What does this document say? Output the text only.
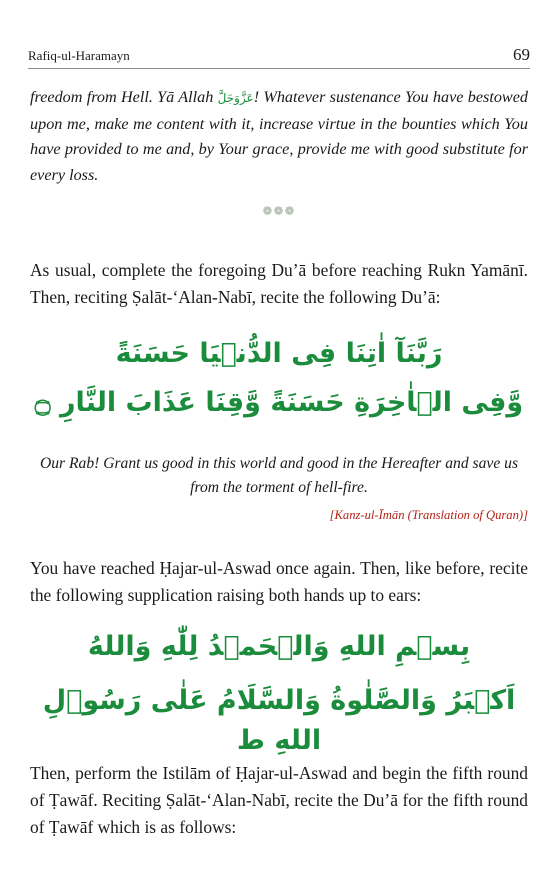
Rafiq-ul-Haramayn	69
freedom from Hell. Yā Allah عَزَّوَجَلَّ! Whatever sustenance You have bestowed upon me, make me content with it, increase virtue in the bounties which You have provided to me and, by Your grace, provide me with good substitute for every loss.
❁❁❁
As usual, complete the foregoing Du’ā before reaching Rukn Yamānī. Then, reciting Ṣalāt-‘Alan-Nabī, recite the following Du’ā:
رَبَّنَآ اٰتِنَا فِی الدُّنۡیَا حَسَنَةً
وَّفِی الۡاٰخِرَةِ حَسَنَةً وَّقِنَا عَذَابَ النَّارِ ۝
Our Rab! Grant us good in this world and good in the Hereafter and save us from the torment of hell-fire.
[Kanz-ul-Īmān (Translation of Quran)]
You have reached Ḥajar-ul-Aswad once again. Then, like before, recite the following supplication raising both hands up to ears:
بِسۡمِ اللهِ وَالۡحَمۡدُ لِلّٰهِ وَاللهُ
اَکۡبَرُ وَالصَّلٰوةُ وَالسَّلَامُ عَلٰی رَسُوۡلِ اللهِ ط
Then, perform the Istilām of Ḥajar-ul-Aswad and begin the fifth round of Ṭawāf. Reciting Ṣalāt-‘Alan-Nabī, recite the Du’ā for the fifth round of Ṭawāf which is as follows:
